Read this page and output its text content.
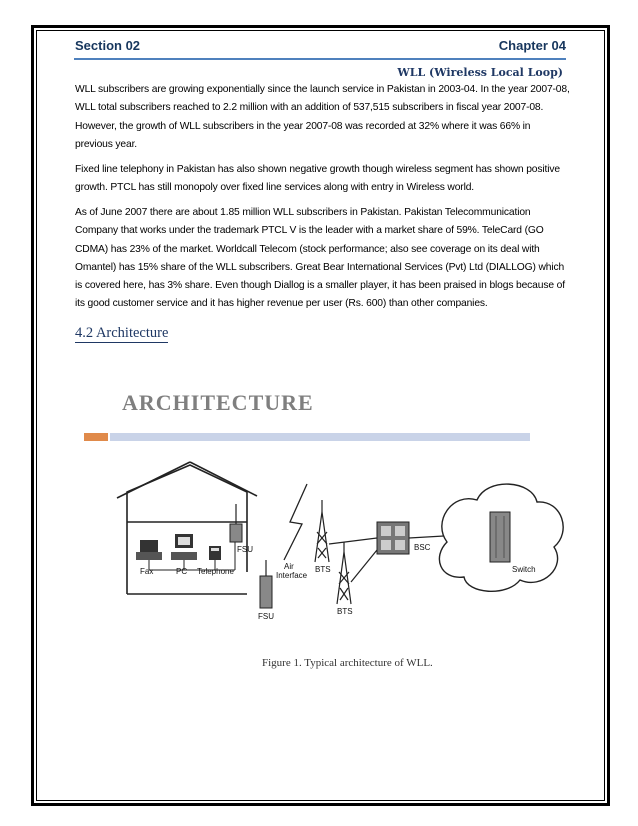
Section 02	Chapter 04
WLL (Wireless Local Loop)

WLL subscribers are growing exponentially since the launch service in Pakistan in 2003-04. In the year 2007-08, WLL total subscribers reached to 2.2 million with an addition of 537,515 subscribers in fiscal year 2007-08. However, the growth of WLL subscribers in the year 2007-08 was recorded at 32% where it was 66% in previous year.

Fixed line telephony in Pakistan has also shown negative growth though wireless segment has shown positive growth. PTCL has still monopoly over fixed line services along with entry in Wireless world.

As of June 2007 there are about 1.85 million WLL subscribers in Pakistan. Pakistan Telecommunication Company that works under the trademark PTCL V is the leader with a market share of 59%. TeleCard (GO CDMA) has 23% of the market. Worldcall Telecom (stock performance; also see coverage on its deal with Omantel) has 15% share of the WLL subscribers. Great Bear International Services (Pvt) Ltd (DIALLOG) which is covered here, has 3% share. Even though Diallog is a smaller player, it has been praised in blogs because of its good customer service and it has higher revenue per user (Rs. 600) than other companies.

4.2 Architecture
ARCHITECTURE
Fax	PC Telephone
FSU
Air
Interface
BTS
BTS
BSC
Switch
FSU
Figure 1. Typical architecture of WLL.
